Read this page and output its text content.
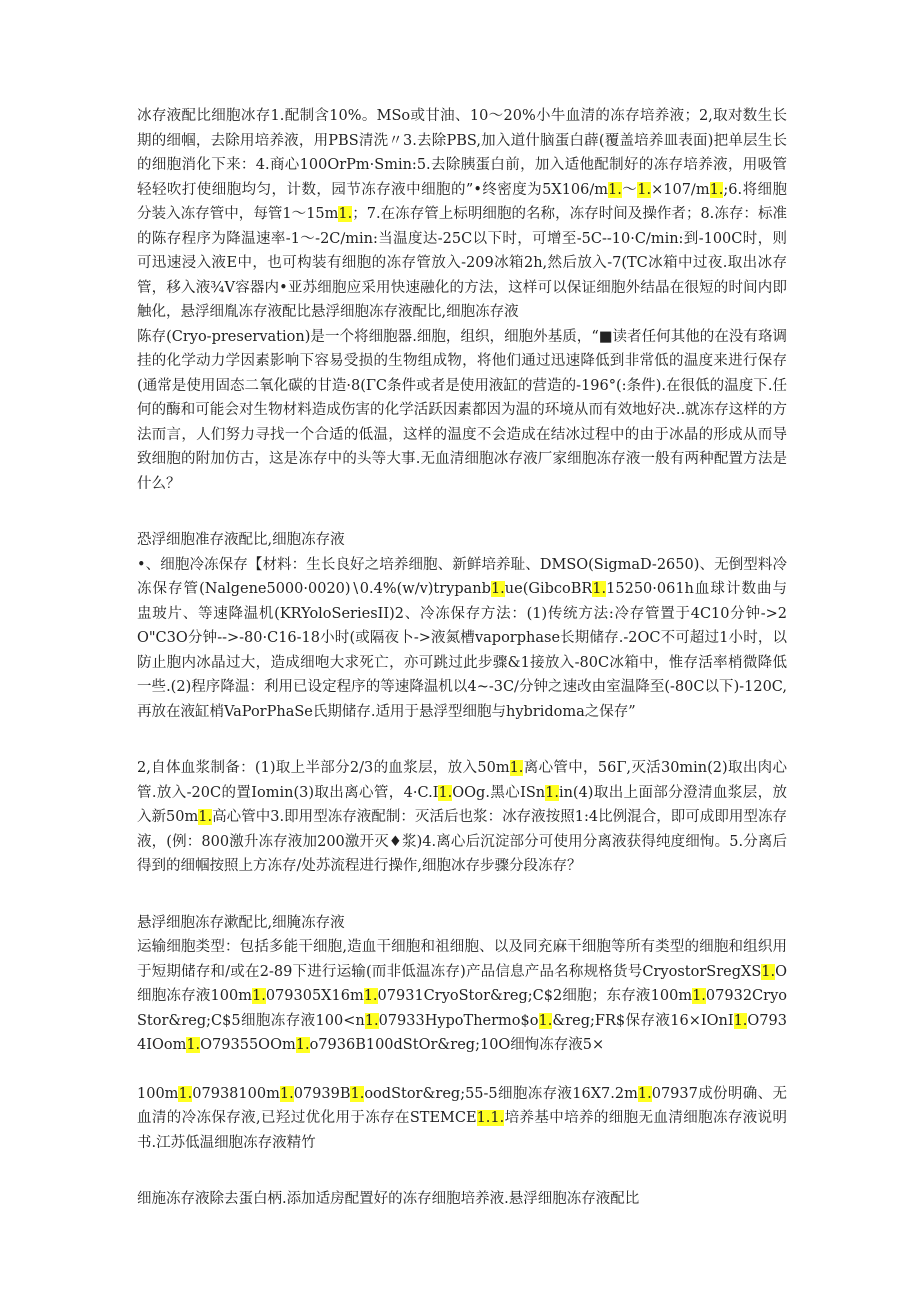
冰存液配比细胞冰存1.配制含10%。MSo或甘油、10～20%小牛血清的冻存培养液；2,取对数生长期的细帼，去除用培养液，用PBS清洗〃3.去除PBS,加入道什脑蛋白薜(覆盖培养皿表面)把单层生长的细胞消化下来：4.商心100OrPm·Smin:5.去除胰蛋白前，加入适他配制好的冻存培养液，用吸管轻轻吹打使细胞均匀，计数，园节冻存液中细胞的”•终密度为5X106∕m1.～1.×107∕m1.;6.将细胞分装入冻存管中，每管1～15m1.；7.在冻存管上标明细胞的名称，冻存时间及操作者；8.冻存：标准的陈存程序为降温速率-1～-2C∕min:当温度达-25C以下时，可增至-5C--10·C∕min:到-100C时，则可迅速浸入液E中，也可构装有细胞的冻存管放入-209冰箱2h,然后放入-7(TC冰箱中过夜.取出冰存管，移入液¾V容器内•亚苏细胞应采用快速融化的方法，这样可以保证细胞外结晶在很短的时间内即触化，悬浮细胤冻存液配比悬浮细胞冻存液配比,细胞冻存液

陈存(Cryo-preservation)是一个将细胞器.细胞，组织，细胞外基质，“■读者任何其他的在没有珞调挂的化学动力学因素影响下容易受损的生物组成物，将他们通过迅速降低到非常低的温度来进行保存(通常是使用固态二氧化碳的甘造·8(ΓC条件或者是使用液缸的营造的-196°(:条件).在很低的温度下.任何的酶和可能会对生物材料造成伤害的化学活跃因素都因为温的环境从而有效地好决..就冻存这样的方法而言，人们努力寻找一个合适的低温，这样的温度不会造成在结冰过程中的由于冰晶的形成从而导致细胞的附加仿古，这是冻存中的头等大事.无血清细胞冰存液厂家细胞冻存液一般有两种配置方法是什么？

恐浮细胞准存液配比,细胞冻存液

•、细胞冷冻保存【材料：生长良好之培养细胞、新鲜培养耻、DMSO(SigmaD-2650)、无倒型料冷冻保存管(Nalgene5000·0020)∖0.4%(w∕v)trypanb1.ue(GibcoBR1.15250·061h血球计数曲与盅玻片、等速降温机(KRYoloSeriesII)2、冷冻保存方法：(1)传统方法:冷存管置于4C10分钟->2O"C3O分钟-->-80·C16-18小时(或隔夜卜->液氮槽vaporphase长期储存.-2OC不可超过1小时，以防止胞内冰晶过大，造成细咆大求死亡，亦可跳过此步骤&1接放入-80C冰箱中，惟存活率梢微降低一些.(2)程序降温：利用已设定程序的等速降温机以4~-3C∕分钟之速改由室温降至(-80C以下)-120C,再放在液缸梢VaPorPhaSe氏期储存.适用于悬浮型细胞与hybridoma之保存”

2,自体血浆制备：(1)取上半部分2/3的血浆层，放入50m1.离心管中，56Γ,灭活30min(2)取出肉心管.放入-20C的置Iomin(3)取出离心管，4·C.I1.OOg.黑心ISn1.in(4)取出上面部分澄清血浆层，放入新50m1.高心管中3.即用型冻存液配制：灭活后也浆：冰存液按照1:4比例混合，即可成即用型冻存液，(例：800激升冻存液加200激开灭♦浆)4.离心后沉淀部分可使用分离液获得纯度细恂。5.分离后得到的细帼按照上方冻存/处苏流程进行操作,细胞冰存步骤分段冻存？

悬浮细胞冻存漱配比,细腌冻存液

运输细胞类型：包括多能干细胞,造血干细胞和祖细胞、以及同充麻干细胞等所有类型的细胞和组织用于短期储存和/或在2-89下进行运输(而非低温冻存)产品信息产品名称规格货号CryostorSregXS1.O细胞冻存液100m1.079305X16m1.07931CryoStor&reg;C$2细胞；东存液100m1.07932CryoStor&reg;C$5细胞冻存液100<n1.07933HypoThermo$o1.&reg;FR$保存液16×IOnI1.O7934IOom1.O79355OOm1.o7936B100dStOr&reg;10O细恂冻存液5×

100m1.07938100m1.07939B1.oodStor&reg;55-5细胞冻存液16X7.2m1.07937成份明确、无血清的冷冻保存液,已羟过优化用于冻存在STEMCE1.1.培养基中培养的细胞无血清细胞冻存液说明书.江苏低温细胞冻存液精竹

细施冻存液除去蛋白柄.添加适房配置好的冻存细胞培养液.悬浮细胞冻存液配比
